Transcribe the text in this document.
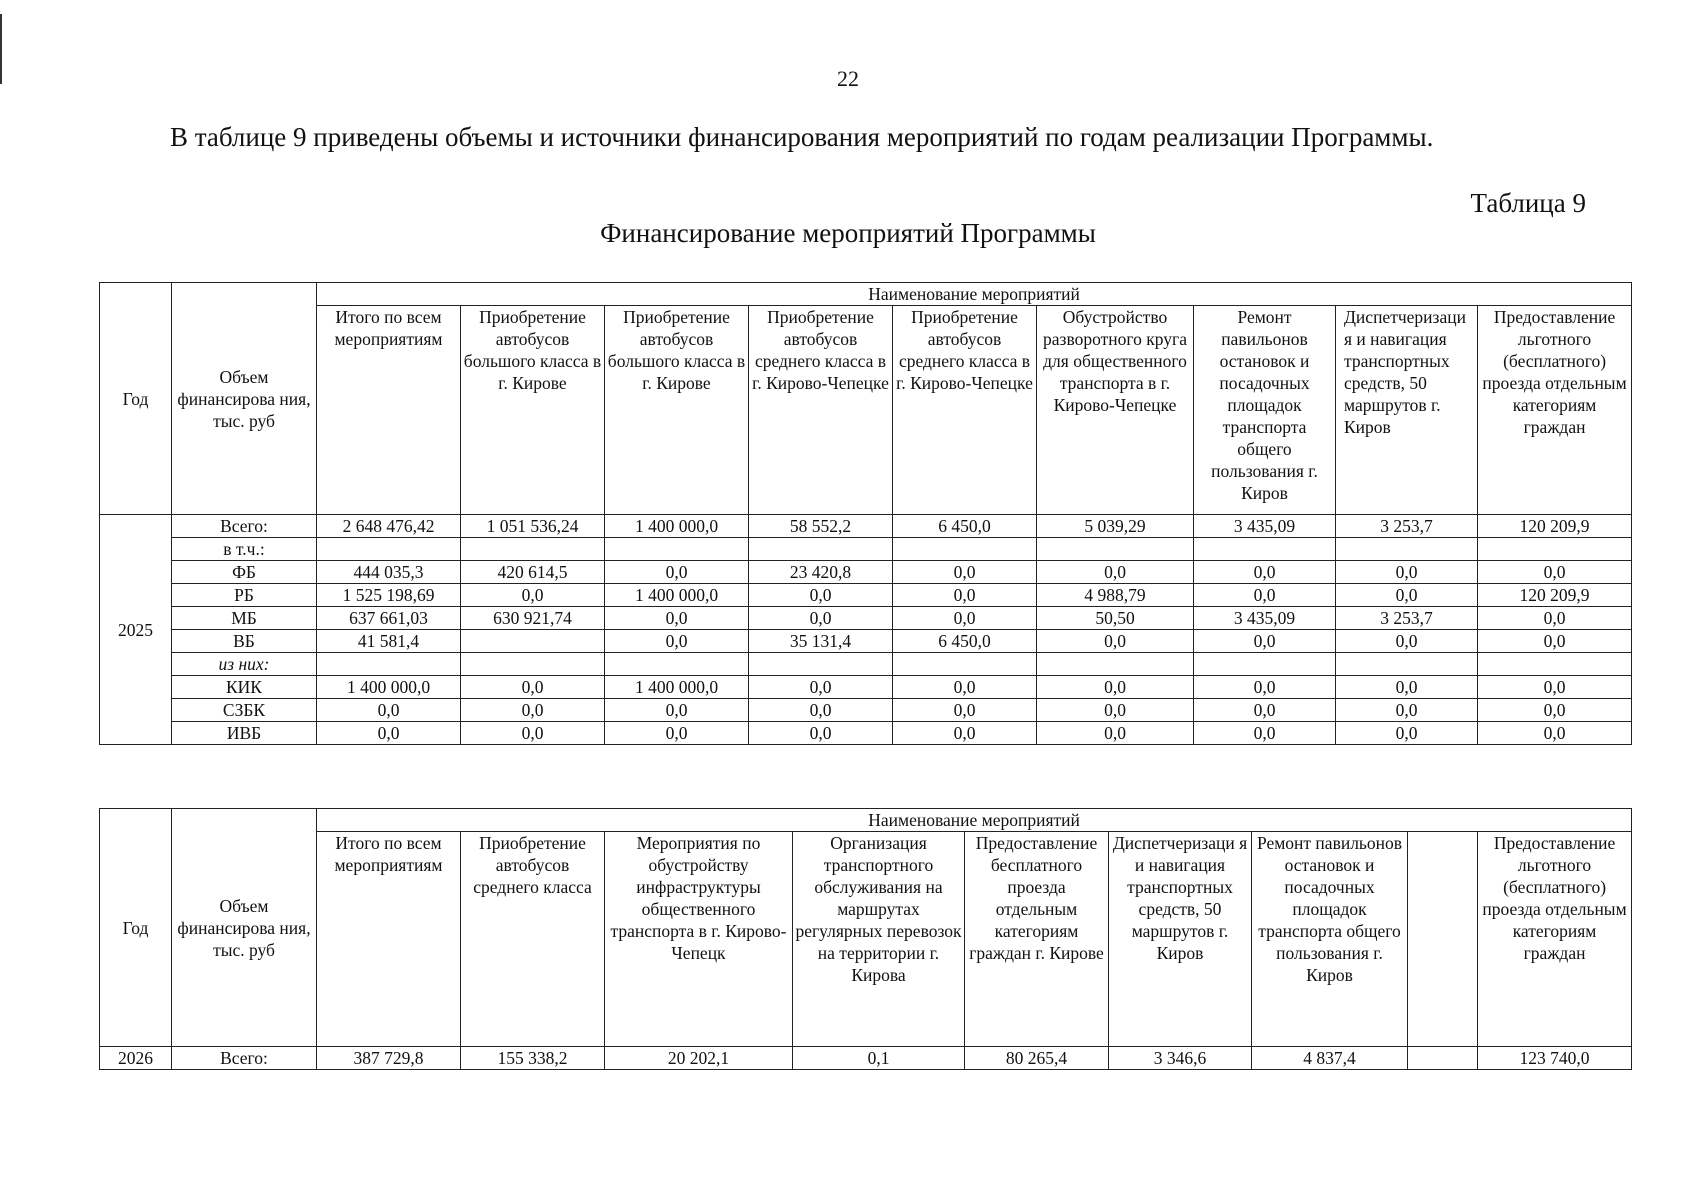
22
В таблице 9 приведены объемы и источники финансирования мероприятий по годам реализации Программы.
Таблица 9
Финансирование мероприятий Программы
Год	Объем финансирова ния, тыс. руб	Наименование мероприятий								
		Итого по всем мероприятиям	Приобретение автобусов большого класса в г. Кирове	Приобретение автобусов большого класса в г. Кирове	Приобретение автобусов среднего класса в г. Кирово-Чепецке	Приобретение автобусов среднего класса в г. Кирово-Чепецке	Обустройство разворотного круга для общественного транспорта в г. Кирово-Чепецке	Ремонт павильонов остановок и посадочных площадок транспорта общего пользования г. Киров	Диспетчеризаци я и навигация транспортных средств, 50 маршрутов г. Киров	Предоставление льготного (бесплатного) проезда отдельным категориям граждан
2025	Всего:	2 648 476,42	1 051 536,24	1 400 000,0	58 552,2	6 450,0	5 039,29	3 435,09	3 253,7	120 209,9
	в т.ч.:									
	ФБ	444 035,3	420 614,5	0,0	23 420,8	0,0	0,0	0,0	0,0	0,0
	РБ	1 525 198,69	0,0	1 400 000,0	0,0	0,0	4 988,79	0,0	0,0	120 209,9
	МБ	637 661,03	630 921,74	0,0	0,0	0,0	50,50	3 435,09	3 253,7	0,0
	ВБ	41 581,4		0,0	35 131,4	6 450,0	0,0	0,0	0,0	0,0
	из них:									
	КИК	1 400 000,0	0,0	1 400 000,0	0,0	0,0	0,0	0,0	0,0	0,0
	СЗБК	0,0	0,0	0,0	0,0	0,0	0,0	0,0	0,0	0,0
	ИВБ	0,0	0,0	0,0	0,0	0,0	0,0	0,0	0,0	0,0
Год	Объем финансирова ния, тыс. руб	Наименование мероприятий								
		Итого по всем мероприятиям	Приобретение автобусов среднего класса	Мероприятия по обустройству инфраструктуры общественного транспорта в г. Кирово-Чепецк	Организация транспортного обслуживания на маршрутах регулярных перевозок на территории г. Кирова	Предоставление бесплатного проезда отдельным категориям граждан г. Кирове	Диспетчеризаци я и навигация транспортных средств, 50 маршрутов г. Киров	Ремонт павильонов остановок и посадочных площадок транспорта общего пользования г. Киров		Предоставление льготного (бесплатного) проезда отдельным категориям граждан
2026	Всего:	387 729,8	155 338,2	20 202,1	0,1	80 265,4	3 346,6	4 837,4		123 740,0
